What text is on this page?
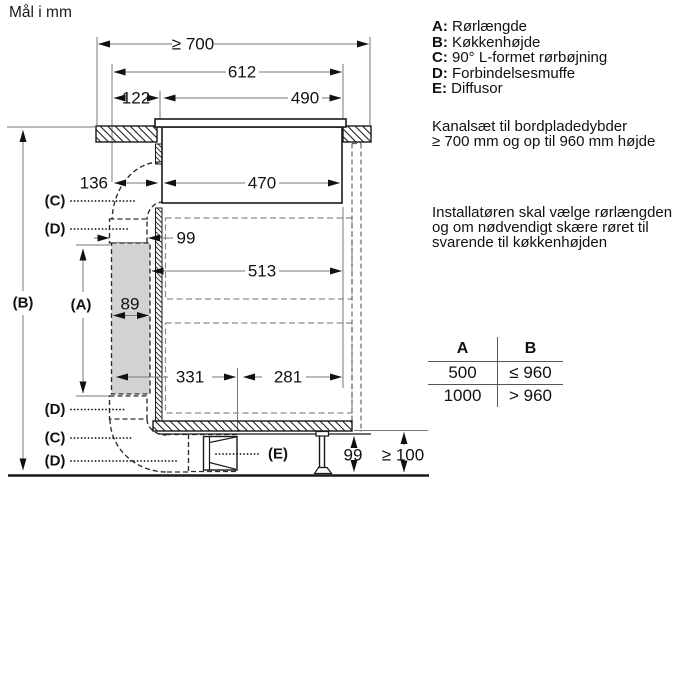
Mål i mm
≥ 700
612
122	490
470
136
99
513
89
331	281
99 ≥ 100
(A)
(B)
(C)
(D)
(D)
(C)
(D)	(E)
A: Rørlængde
B: Køkkenhøjde
C: 90° L-formet rørbøjning
D: Forbindelsesmuffe
E: Diffusor
Kanalsæt til bordpladedybder
≥ 700 mm og op til 960 mm højde
Installatøren skal vælge rørlængden
og om nødvendigt skære røret til
svarende til køkkenhøjden
A	B
500	≤ 960
1000	> 960
